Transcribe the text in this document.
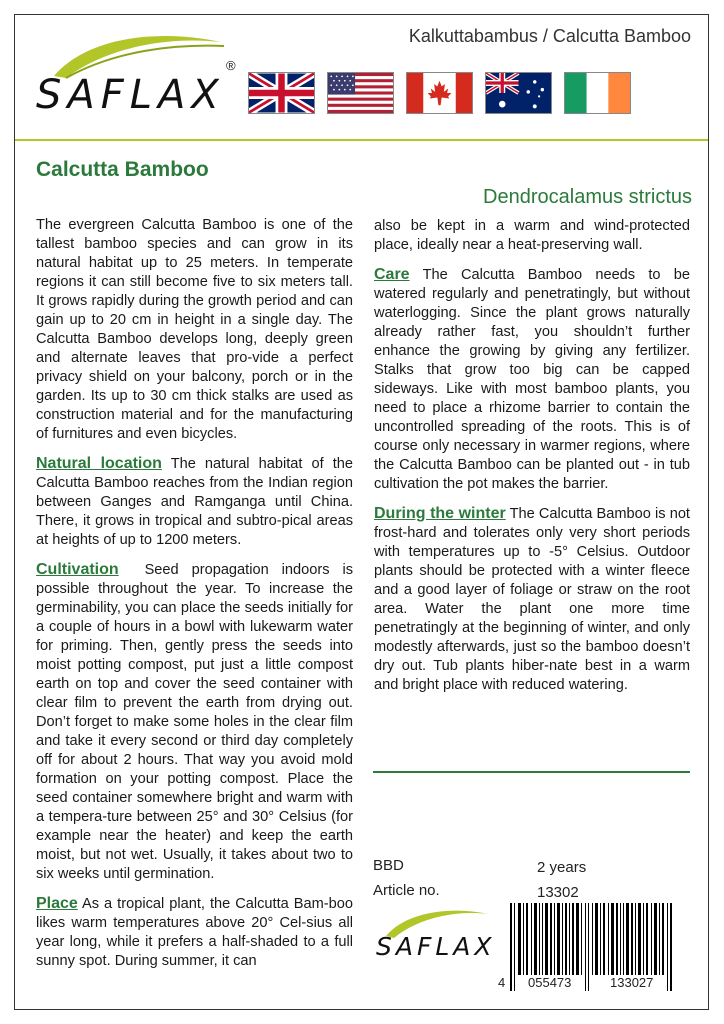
SAFLAX
®
Kalkuttabambus / Calcutta Bamboo
Calcutta Bamboo
Dendrocalamus strictus

The evergreen Calcutta Bamboo is one of the tallest bamboo species and can grow in its natural habitat up to 25 meters. In temperate regions it can still become five to six meters tall. It grows rapidly during the growth period and can gain up to 20 cm in height in a single day. The Calcutta Bamboo develops long, deeply green and alternate leaves that pro-vide a perfect privacy shield on your balcony, porch or in the garden. Its up to 30 cm thick stalks are used as construction material and for the manufacturing of furnitures and even bicycles.

Natural location The natural habitat of the Calcutta Bamboo reaches from the Indian region between Ganges and Ramganga until China. There, it grows in tropical and subtro-pical areas at heights of up to 1200 meters.

Cultivation Seed propagation indoors is possible throughout the year. To increase the germinability, you can place the seeds initially for a couple of hours in a bowl with lukewarm water for priming. Then, gently press the seeds into moist potting compost, put just a little compost earth on top and cover the seed container with clear film to prevent the earth from drying out. Don’t forget to make some holes in the clear film and take it every second or third day completely off for about 2 hours. That way you avoid mold formation on your potting compost. Place the seed container somewhere bright and warm with a tempera-ture between 25° and 30° Celsius (for example near the heater) and keep the earth moist, but not wet. Usually, it takes about two to six weeks until germination.

Place As a tropical plant, the Calcutta Bam-boo likes warm temperatures above 20° Cel-sius all year long, while it prefers a half-shaded to a full sunny spot. During summer, it can

also be kept in a warm and wind-protected place, ideally near a heat-preserving wall.

Care The Calcutta Bamboo needs to be watered regularly and penetratingly, but without waterlogging. Since the plant grows naturally already rather fast, you shouldn’t further enhance the growing by giving any fertilizer. Stalks that grow too big can be capped sideways. Like with most bamboo plants, you need to place a rhizome barrier to contain the uncontrolled spreading of the roots. This is of course only necessary in warmer regions, where the Calcutta Bamboo can be planted out - in tub cultivation the pot makes the barrier.

During the winter The Calcutta Bamboo is not frost-hard and tolerates only very short periods with temperatures up to -5° Celsius. Outdoor plants should be protected with a winter fleece and a good layer of foliage or straw on the root area. Water the plant one more time penetratingly at the beginning of winter, and only modestly afterwards, just so the bamboo doesn’t dry out. Tub plants hiber-nate best in a warm and bright place with reduced watering.

BBD	2 years
Article no.	13302
SAFLAX
4 055473	133027
